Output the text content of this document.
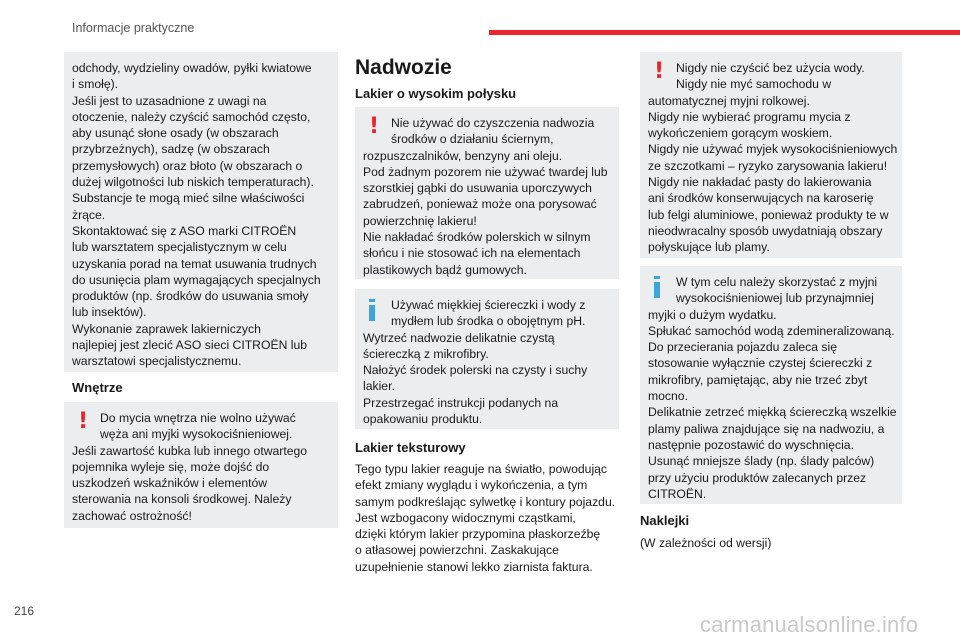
Informacje praktyczne

odchody, wydzieliny owadów, pyłki kwiatowe

i smołę).

Jeśli jest to uzasadnione z uwagi na

otoczenie, należy czyścić samochód często,

aby usunąć słone osady (w obszarach

przybrzeżnych), sadzę (w obszarach

przemysłowych) oraz błoto (w obszarach o

dużej wilgotności lub niskich temperaturach).

Substancje te mogą mieć silne właściwości

żrące.

Skontaktować się z ASO marki CITROËN

lub warsztatem specjalistycznym w celu

uzyskania porad na temat usuwania trudnych

do usunięcia plam wymagających specjalnych

produktów (np. środków do usuwania smoły

lub insektów).

Wykonanie zaprawek lakierniczych

najlepiej jest zlecić ASO sieci CITROËN lub

warsztatowi specjalistycznemu.

Wnętrze
! Do mycia wnętrza nie wolno używać

węża ani myjki wysokociśnieniowej.

Jeśli zawartość kubka lub innego otwartego

pojemnika wyleje się, może dojść do

uszkodzeń wskaźników i elementów

sterowania na konsoli środkowej. Należy

zachować ostrożność!

Nadwozie
Lakier o wysokim połysku
! Nie używać do czyszczenia nadwozia

środków o działaniu ściernym,

rozpuszczalników, benzyny ani oleju.

Pod żadnym pozorem nie używać twardej lub

szorstkiej gąbki do usuwania uporczywych

zabrudzeń, ponieważ może ona porysować

powierzchnię lakieru!

Nie nakładać środków polerskich w silnym

słońcu i nie stosować ich na elementach

plastikowych bądź gumowych.

Używać miękkiej ściereczki i wody z

mydłem lub środka o obojętnym pH.

Wytrzeć nadwozie delikatnie czystą

ściereczką z mikrofibry.

Nałożyć środek polerski na czysty i suchy

lakier.

Przestrzegać instrukcji podanych na

opakowaniu produktu.

Lakier teksturowy

Tego typu lakier reaguje na światło, powodując

efekt zmiany wyglądu i wykończenia, a tym

samym podkreślając sylwetkę i kontury pojazdu.

Jest wzbogacony widocznymi cząstkami,

dzięki którym lakier przypomina płaskorzeźbę

o atłasowej powierzchni. Zaskakujące

uzupełnienie stanowi lekko ziarnista faktura.

! Nigdy nie czyścić bez użycia wody.

Nigdy nie myć samochodu w

automatycznej myjni rolkowej.

Nigdy nie wybierać programu mycia z

wykończeniem gorącym woskiem.

Nigdy nie używać myjek wysokociśnieniowych

ze szczotkami – ryzyko zarysowania lakieru!

Nigdy nie nakładać pasty do lakierowania

ani środków konserwujących na karoserię

lub felgi aluminiowe, ponieważ produkty te w

nieodwracalny sposób uwydatniają obszary

połyskujące lub plamy.

W tym celu należy skorzystać z myjni

wysokociśnieniowej lub przynajmniej

myjki o dużym wydatku.

Spłukać samochód wodą zdemineralizowaną.

Do przecierania pojazdu zaleca się

stosowanie wyłącznie czystej ściereczki z

mikrofibry, pamiętając, aby nie trzeć zbyt

mocno.

Delikatnie zetrzeć miękką ściereczką wszelkie

plamy paliwa znajdujące się na nadwoziu, a

następnie pozostawić do wyschnięcia.

Usunąć mniejsze ślady (np. ślady palców)

przy użyciu produktów zalecanych przez

CITROËN.

Naklejki
(W zależności od wersji)
216
carmanualsonline.info
